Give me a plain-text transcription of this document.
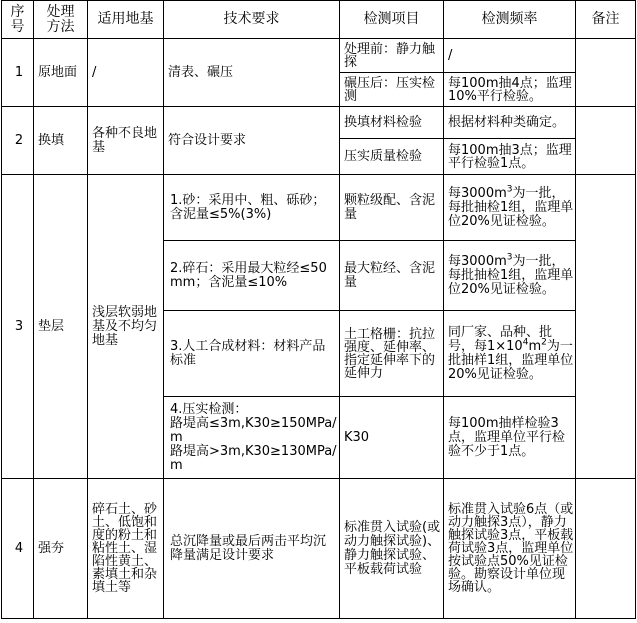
序号	处理方法	适用地基	技术要求	检测项目	检测频率	备注
1	原地面	/	清表、碾压	处理前：静力触探	/	
				碾压后：压实检测	每100m抽4点；监理10%平行检验。	
2	换填	各种不良地基	符合设计要求	换填材料检验	根据材料种类确定。	
				压实质量检验	每100m抽3点；监理平行检验1点。	
3	垫层	浅层软弱地基及不均匀地基	1.砂：采用中、粗、砾砂；含泥量≤5%(3%)	颗粒级配、含泥量	每$3000m^3$为一批，每批抽检1组，监理单位20%见证检验。	
			2.碎石：采用最大粒经≤50mm；含泥量≤10%	最大粒经、含泥量	每$3000m^3$为一批，每批抽检1组，监理单位20%见证检验。	
			3.人工合成材料：材料产品标准	土工格栅：抗拉强度、延伸率、指定延伸率下的延伸力	同厂家、品种、批号，每$1\times 10^4m^2$为一批抽样1组，监理单位20%见证检验。	

			4.压实检测：
路堤高≤3m,K30≥150MPa/m
路堤高>3m,K30≥130MPa/m	K30	每100m抽样检验3点，监理单位平行检验不少于1点。	
4	强夯	碎石土、砂土、低饱和度的粉土和粘性土、湿陷性黄土、素填土和杂填土等	总沉降量或最后两击平均沉降量满足设计要求	标准贯入试验(或动力触探试验)、静力触探试验、平板载荷试验	标准贯入试验6点（或动力触探3点），静力触探试验3点，平板载荷试验3点，监理单位按试验点50%见证检验。勘察设计单位现场确认。	
